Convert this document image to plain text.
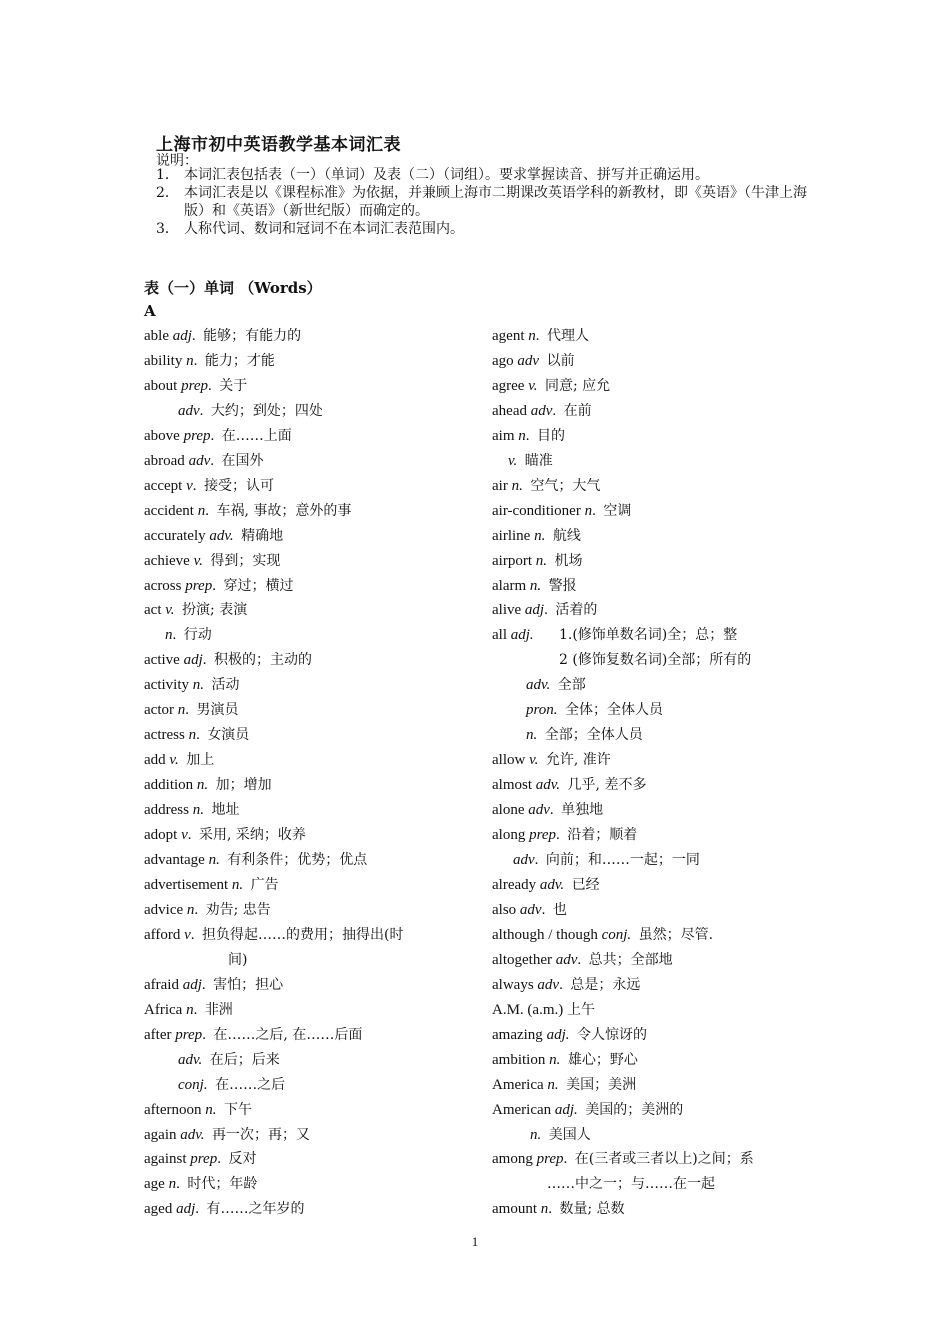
上海市初中英语教学基本词汇表
说明：
1． 本词汇表包括表（一）（单词）及表（二）（词组）。要求掌握读音、拼写并正确运用。
2． 本词汇表是以《课程标准》为依据，并兼顾上海市二期课改英语学科的新教材，即《英语》（牛津上海版）和《英语》（新世纪版）而确定的。
3． 人称代词、数词和冠词不在本词汇表范围内。
表（一）单词 （Words）
A
able adj. 能够；有能力的
ability n. 能力；才能
about prep. 关于
adv. 大约；到处；四处
above prep. 在……上面
abroad adv. 在国外
accept v. 接受；认可
accident n. 车祸, 事故；意外的事
accurately adv. 精确地
achieve v. 得到；实现
across prep. 穿过；横过
act v. 扮演; 表演
n. 行动
active adj. 积极的；主动的
activity n. 活动
actor n. 男演员
actress n. 女演员
add v. 加上
addition n. 加；增加
address n. 地址
adopt v. 采用, 采纳；收养
advantage n. 有利条件；优势；优点
advertisement n. 广告
advice n. 劝告; 忠告
afford v. 担负得起……的费用；抽得出(时
间)
afraid adj. 害怕；担心
Africa n. 非洲
after prep. 在……之后, 在……后面
adv. 在后；后来
conj. 在……之后
afternoon n. 下午
again adv. 再一次；再；又
against prep. 反对
age n. 时代；年龄
aged adj. 有……之年岁的
agent n. 代理人
ago adv 以前
agree v. 同意; 应允
ahead adv. 在前
aim n. 目的
v. 瞄准
air n. 空气；大气
air-conditioner n. 空调
airline n. 航线
airport n. 机场
alarm n. 警报
alive adj. 活着的
all adj.      1.(修饰单数名词)全；总；整
2 (修饰复数名词)全部；所有的
adv. 全部
pron. 全体；全体人员
n. 全部；全体人员
allow v. 允许, 准许
almost adv. 几乎, 差不多
alone adv. 单独地
along prep. 沿着；顺着
adv. 向前；和……一起；一同
already adv. 已经
also adv. 也
although / though conj. 虽然；尽管.
altogether adv. 总共；全部地
always adv. 总是；永远
A.M. (a.m.) 上午
amazing adj. 令人惊讶的
ambition n. 雄心；野心
America n. 美国；美洲
American adj. 美国的；美洲的
n. 美国人
among prep. 在(三者或三者以上)之间；系
……中之一；与……在一起
amount n. 数量; 总数
1
